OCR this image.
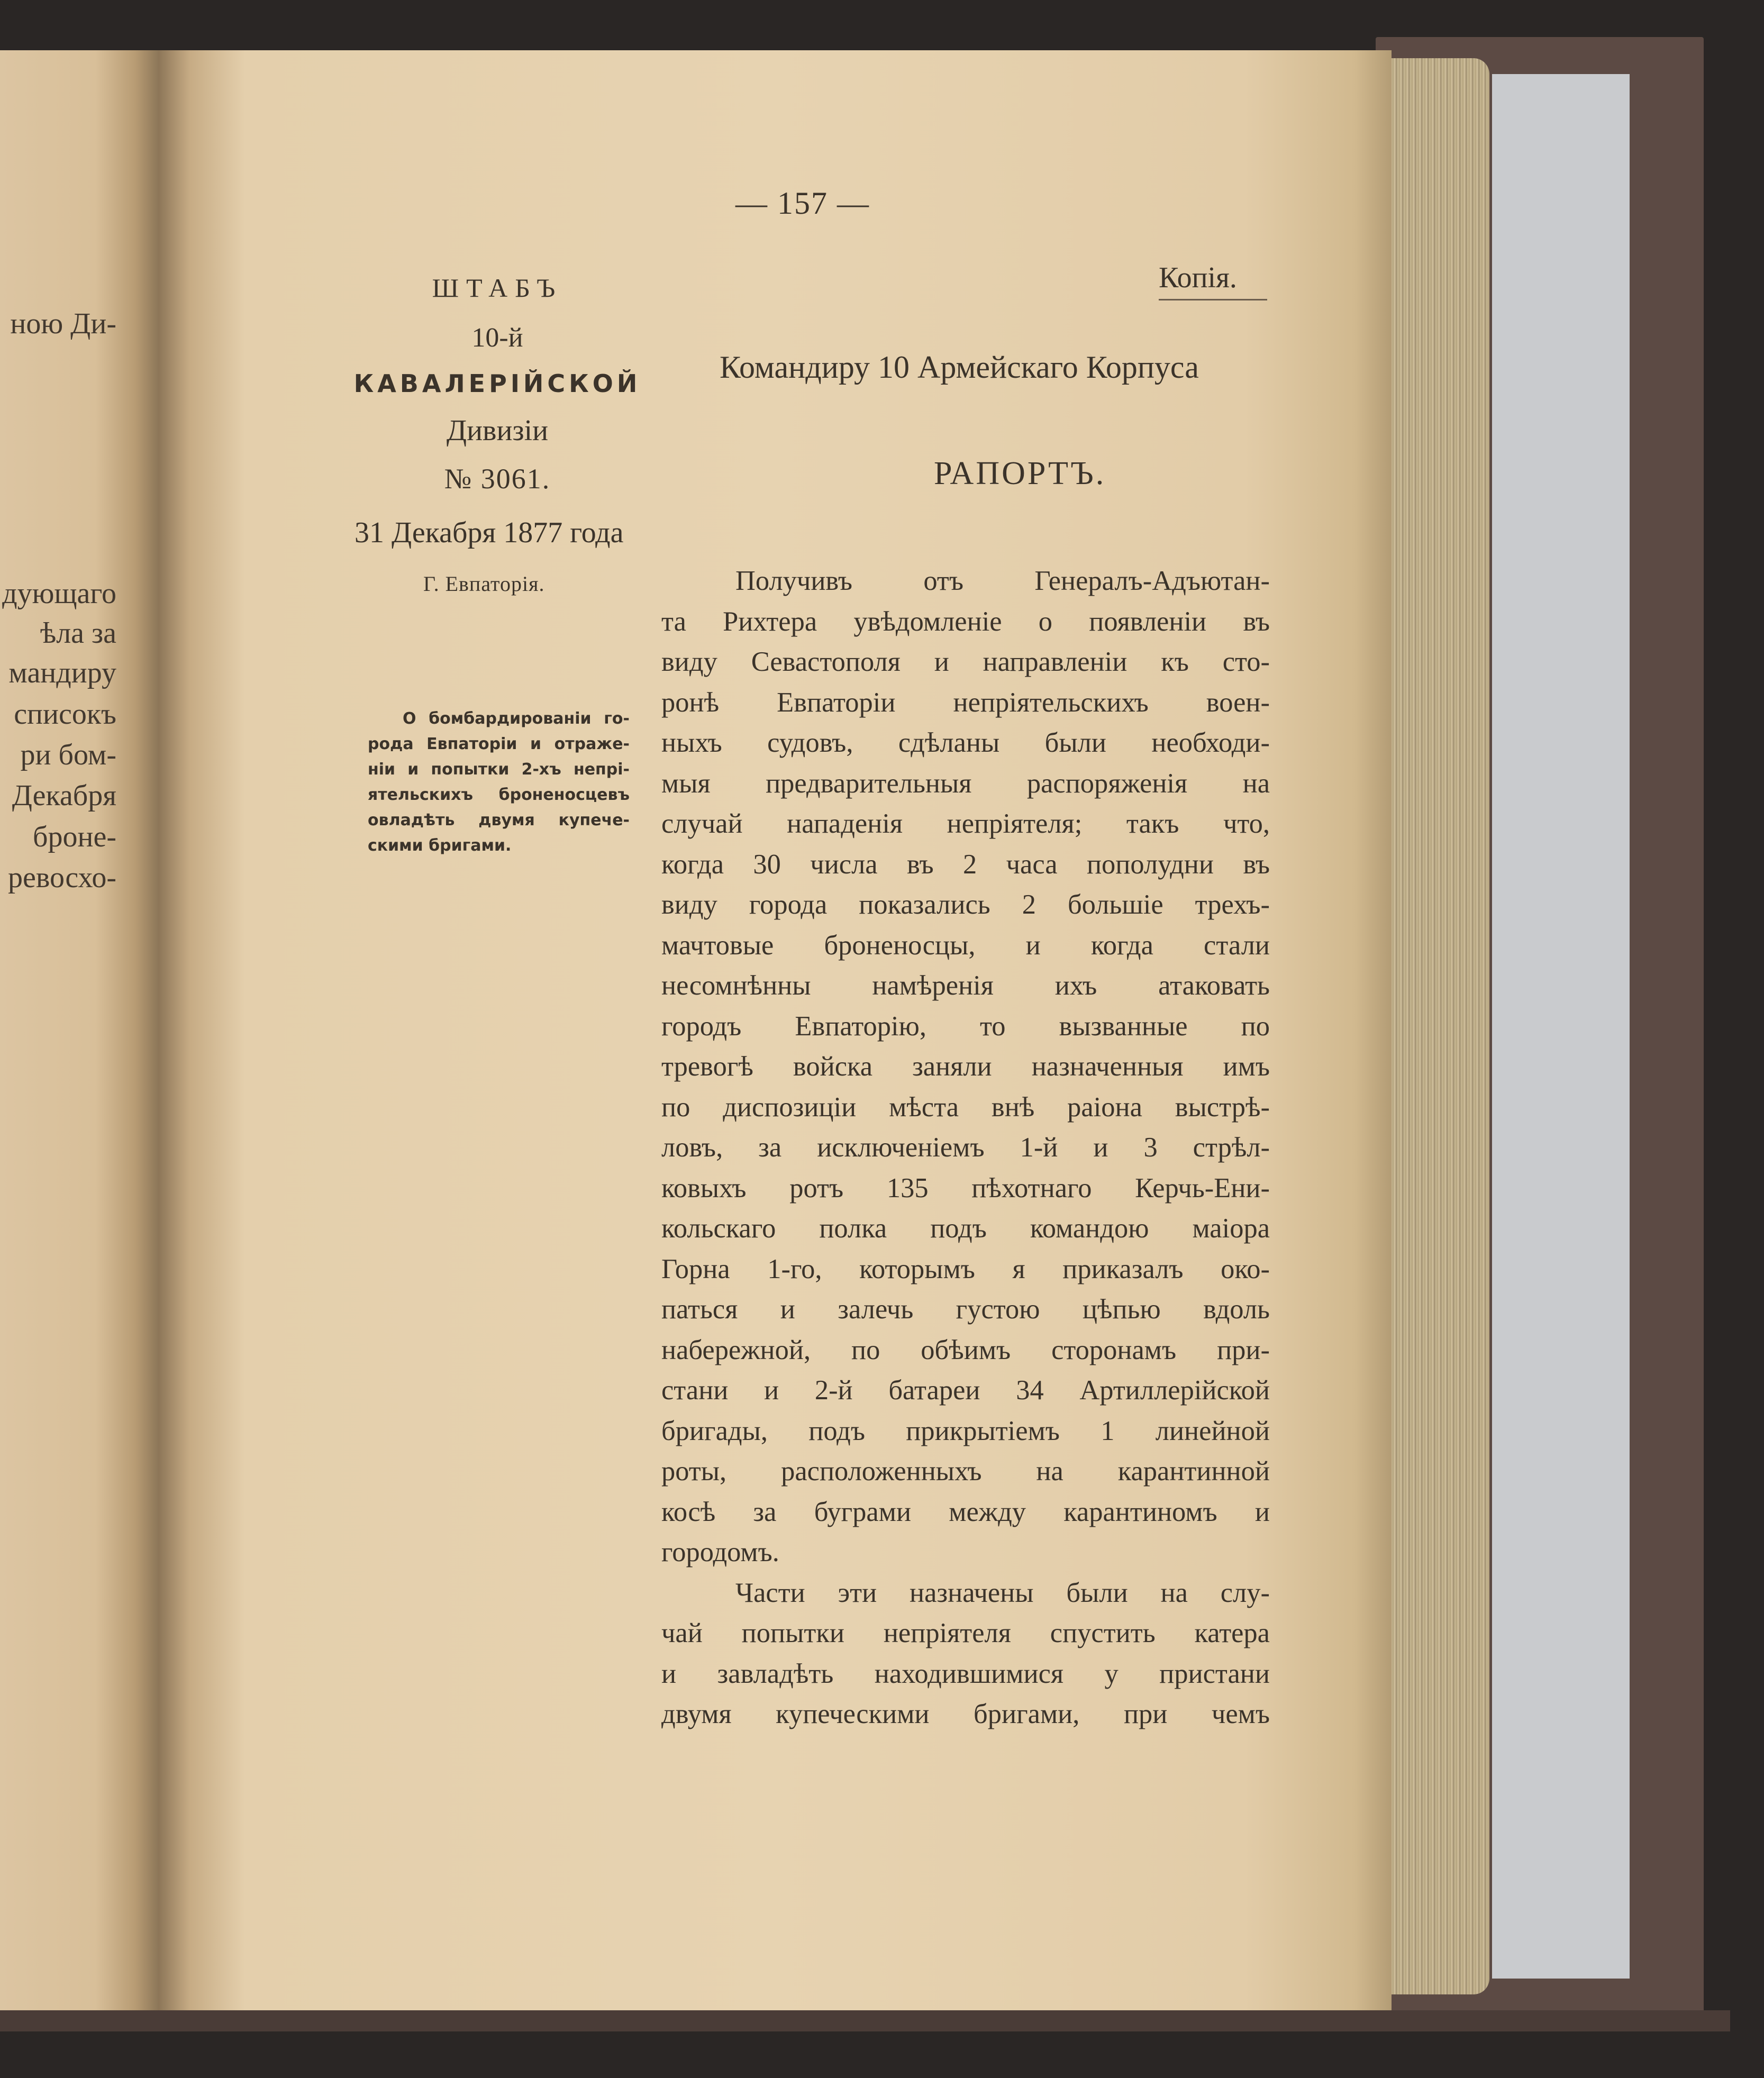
ною Ди-
дующаго
ѣла за
мандиру
списокъ
ри бом-
Декабря
броне-
ревосхо-
— 157 —
ШТАБЪ
10-й
КАВАЛЕРІЙСКОЙ
Дивизіи
№ 3061.
31 Декабря 1877 года
Г. Евпаторія.
О бомбардированіи го-
рода Евпаторіи и отраже-
ніи и попытки 2-хъ непрі-
ятельскихъ броненосцевъ
овладѣть двумя купече-
скими бригами.
Копія.
Командиру 10 Армейскаго Корпуса
РАПОРТЪ.
Получивъ отъ Генералъ-Адъютан-
та Рихтера увѣдомленіе о появленіи въ
виду Севастополя и направленіи къ сто-
ронѣ Евпаторіи непріятельскихъ воен-
ныхъ судовъ, сдѣланы были необходи-
мыя предварительныя распоряженія на
случай нападенія непріятеля; такъ что,
когда 30 числа въ 2 часа пополудни въ
виду города показались 2 большіе трехъ-
мачтовые броненосцы, и когда стали
несомнѣнны намѣренія ихъ атаковать
городъ Евпаторію, то вызванные по
тревогѣ войска заняли назначенныя имъ
по диспозиціи мѣста внѣ раіона выстрѣ-
ловъ, за исключеніемъ 1-й и 3 стрѣл-
ковыхъ ротъ 135 пѣхотнаго Керчь-Ени-
кольскаго полка подъ командою маіора
Горна 1-го, которымъ я приказалъ око-
паться и залечь густою цѣпью вдоль
набережной, по обѣимъ сторонамъ при-
стани и 2-й батареи 34 Артиллерійской
бригады, подъ прикрытіемъ 1 линейной
роты, расположенныхъ на карантинной
косѣ за буграми между карантиномъ и
городомъ.
Части эти назначены были на слу-
чай попытки непріятеля спустить катера
и завладѣть находившимися у пристани
двумя купеческими бригами, при чемъ
